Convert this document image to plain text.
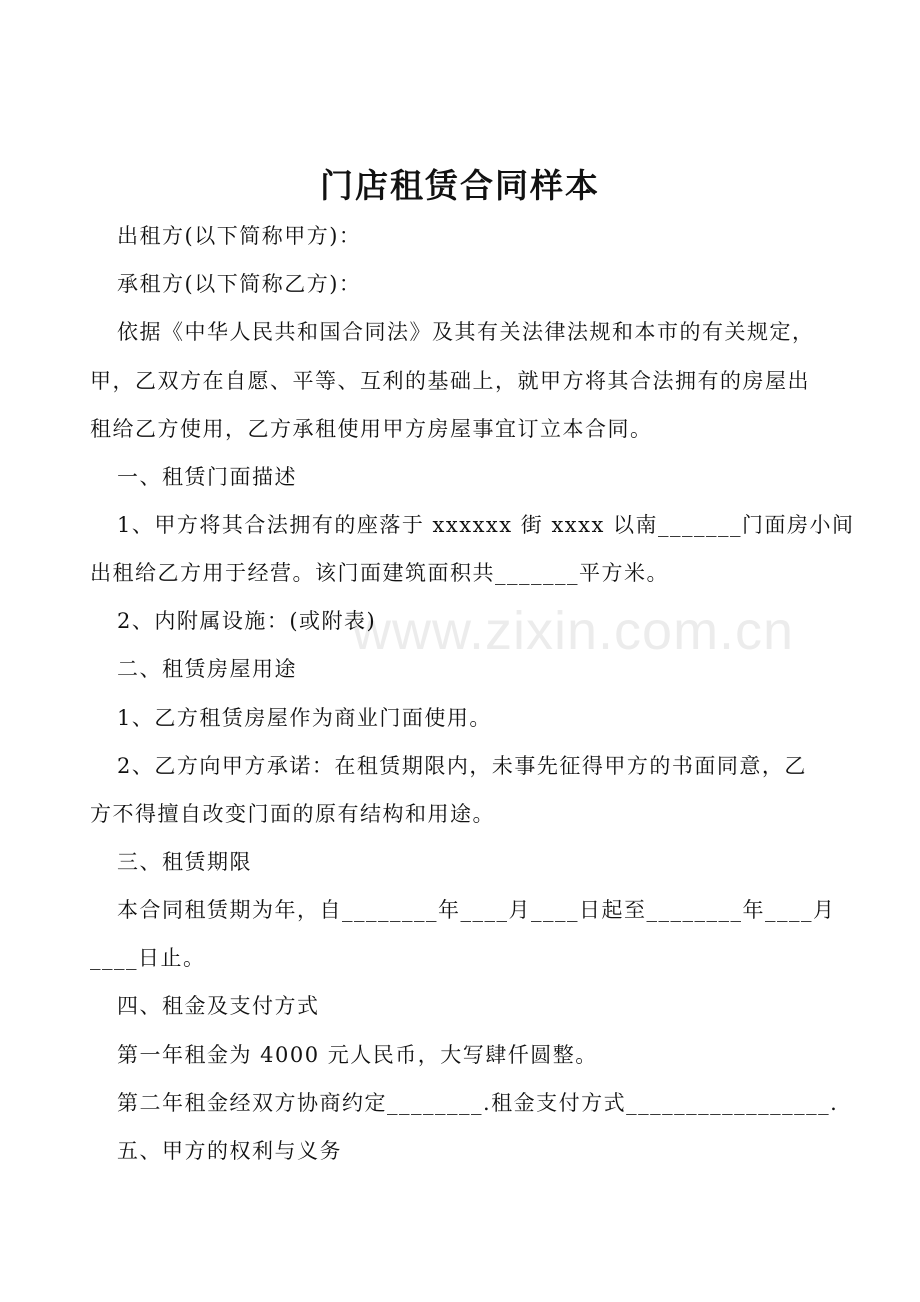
www.zixin.com.cn
门店租赁合同样本
出租方(以下简称甲方)：
承租方(以下简称乙方)：
依据《中华人民共和国合同法》及其有关法律法规和本市的有关规定，
甲，乙双方在自愿、平等、互利的基础上，就甲方将其合法拥有的房屋出
租给乙方使用，乙方承租使用甲方房屋事宜订立本合同。
一、租赁门面描述
1、甲方将其合法拥有的座落于 xxxxxx 街 xxxx 以南_______门面房小间
出租给乙方用于经营。该门面建筑面积共_______平方米。
2、内附属设施：(或附表)
二、租赁房屋用途
1、乙方租赁房屋作为商业门面使用。
2、乙方向甲方承诺：在租赁期限内，未事先征得甲方的书面同意，乙
方不得擅自改变门面的原有结构和用途。
三、租赁期限
本合同租赁期为年，自________年____月____日起至________年____月
____日止。
四、租金及支付方式
第一年租金为 4000 元人民币，大写肆仟圆整。
第二年租金经双方协商约定________.租金支付方式_________________.
五、甲方的权利与义务
